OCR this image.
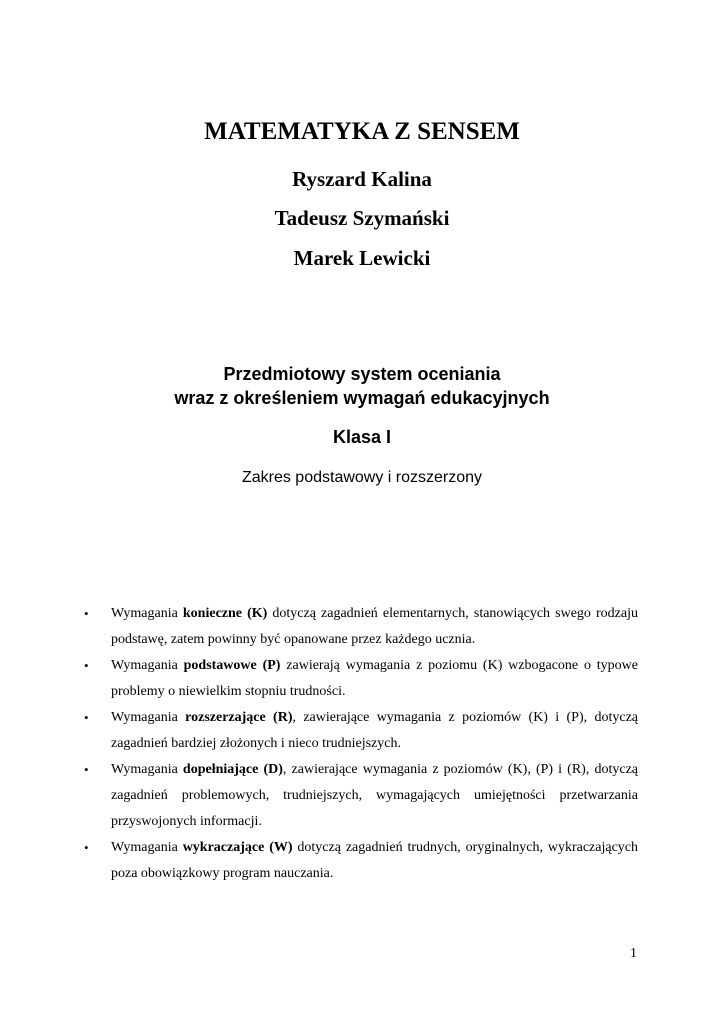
MATEMATYKA Z SENSEM
Ryszard Kalina
Tadeusz Szymański
Marek Lewicki
Przedmiotowy system oceniania
wraz z określeniem wymagań edukacyjnych
Klasa I
Zakres podstawowy i rozszerzony
•	Wymagania konieczne (K) dotyczą zagadnień elementarnych, stanowiących swego rodzaju podstawę, zatem powinny być opanowane przez każdego ucznia.
•	Wymagania podstawowe (P) zawierają wymagania z poziomu (K) wzbogacone o typowe problemy o niewielkim stopniu trudności.
•	Wymagania rozszerzające (R), zawierające wymagania z poziomów (K) i (P), dotyczą zagadnień bardziej złożonych i nieco trudniejszych.
•	Wymagania dopełniające (D), zawierające wymagania z poziomów (K), (P) i (R), dotyczą zagadnień problemowych, trudniejszych, wymagających umiejętności przetwarzania przyswojonych informacji.
•	Wymagania wykraczające (W) dotyczą zagadnień trudnych, oryginalnych, wykraczających poza obowiązkowy program nauczania.
1
